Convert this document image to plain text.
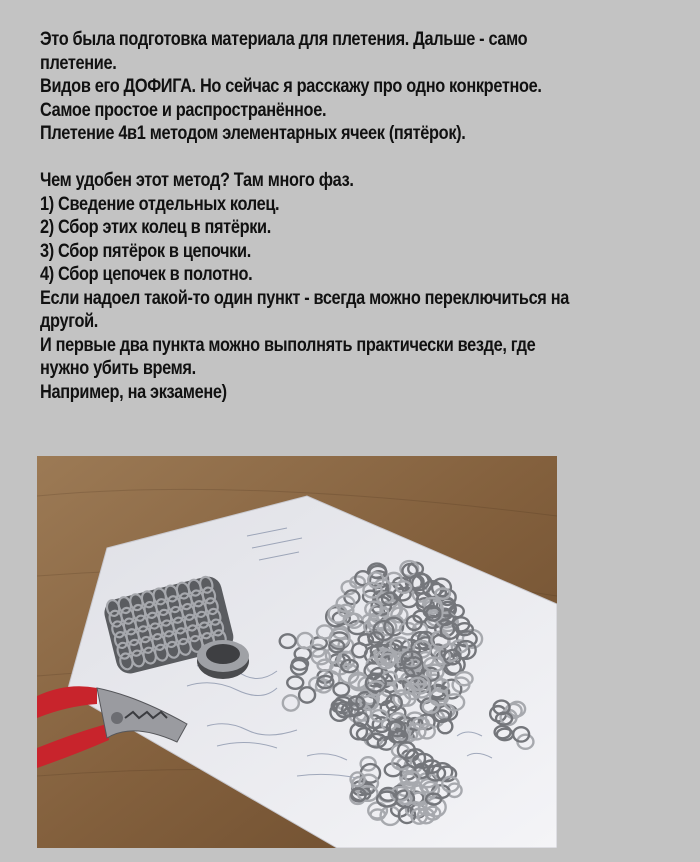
Это была подготовка материала для плетения. Дальше - само
плетение.
Видов его ДОФИГА. Но сейчас я расскажу про одно конкретное.
Самое простое и распространённое.
Плетение 4в1 методом элементарных ячеек (пятёрок).
Чем удобен этот метод? Там много фаз.
1) Сведение отдельных колец.
2) Сбор этих колец в пятёрки.
3) Сбор пятёрок в цепочки.
4) Сбор цепочек в полотно.
Если надоел такой-то один пункт - всегда можно переключиться на
другой.
И первые два пункта можно выполнять практически везде, где
нужно убить время.
Например, на экзамене)
